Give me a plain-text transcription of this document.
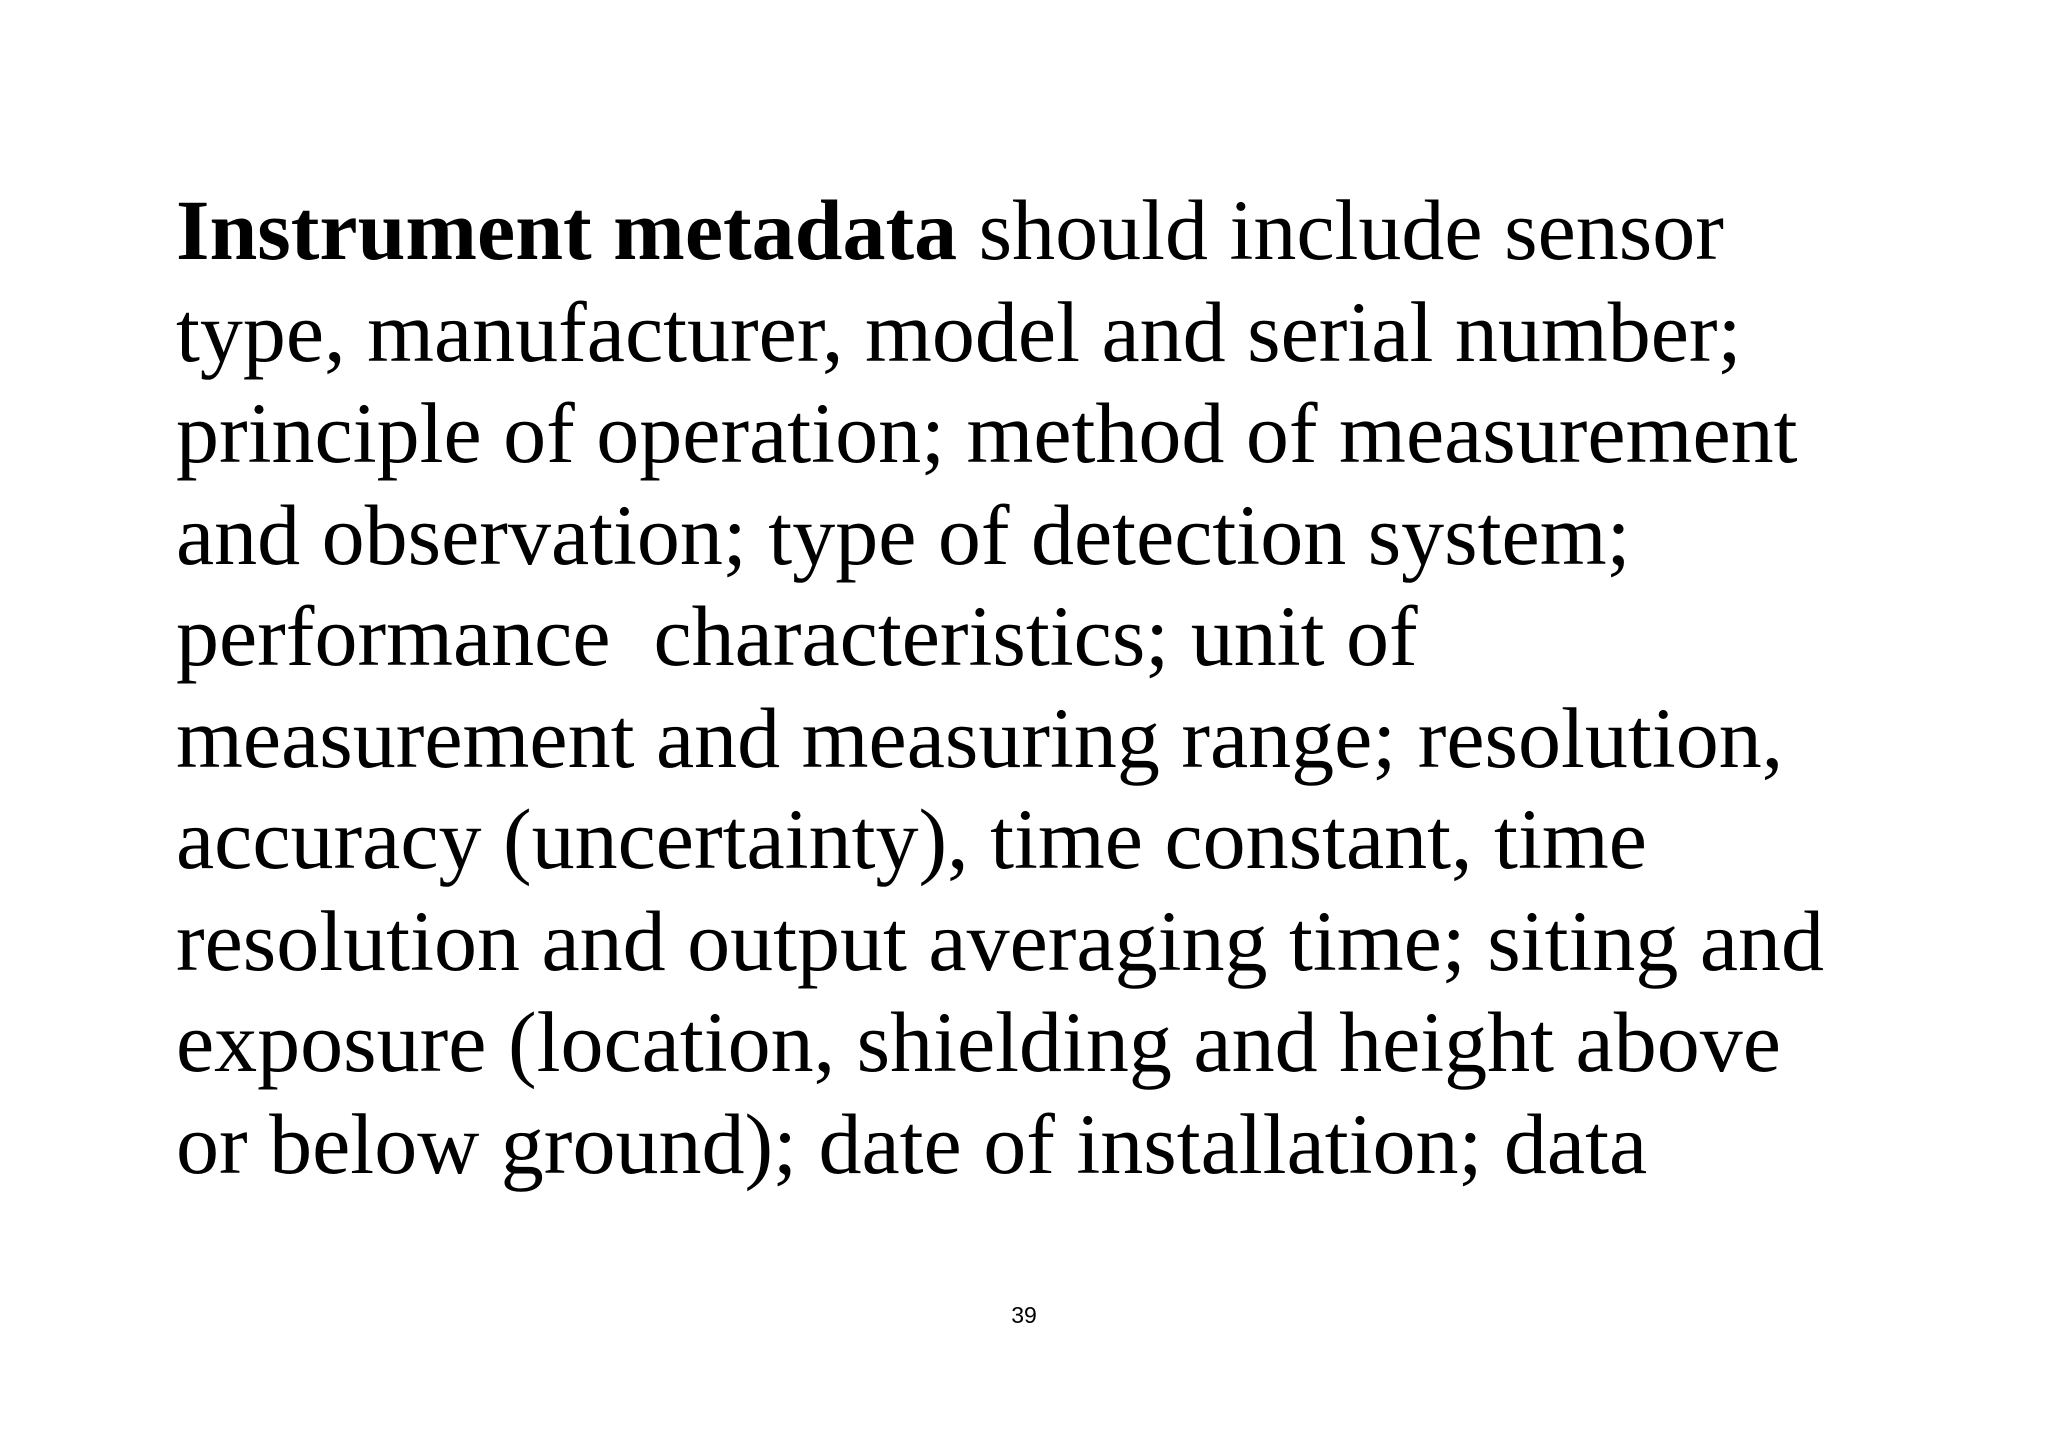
Instrument metadata should include sensor
type, manufacturer, model and serial number;
principle of operation; method of measurement
and observation; type of detection system;
performance  characteristics; unit of
measurement and measuring range; resolution,
accuracy (uncertainty), time constant, time
resolution and output averaging time; siting and
exposure (location, shielding and height above
or below ground); date of installation; data

39
